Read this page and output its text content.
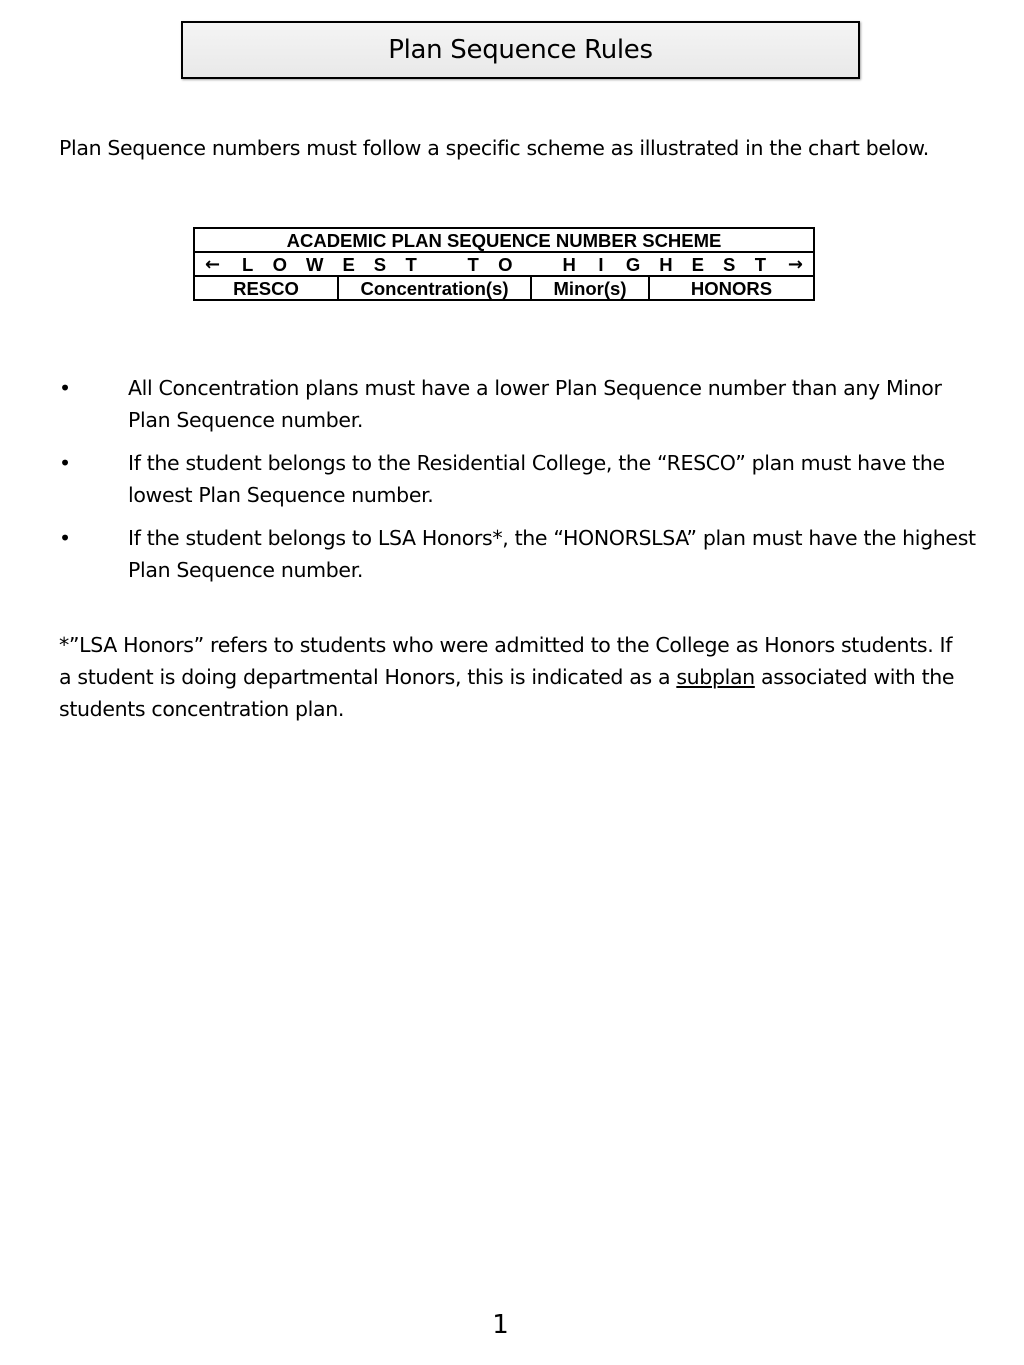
Plan Sequence Rules

Plan Sequence numbers must follow a specific scheme as illustrated in the chart below.

ACADEMIC PLAN SEQUENCE NUMBER SCHEME

← L O W E S T	T O	H I G H E S T →

RESCO	Concentration(s)	Minor(s)	HONORS
•	All Concentration plans must have a lower Plan Sequence number than any Minor Plan Sequence number.
•	If the student belongs to the Residential College, the “RESCO” plan must have the lowest Plan Sequence number.
•	If the student belongs to LSA Honors*, the “HONORSLSA” plan must have the highest Plan Sequence number.

*”LSA Honors” refers to students who were admitted to the College as Honors students. If a student is doing departmental Honors, this is indicated as a subplan associated with the students concentration plan.

1
